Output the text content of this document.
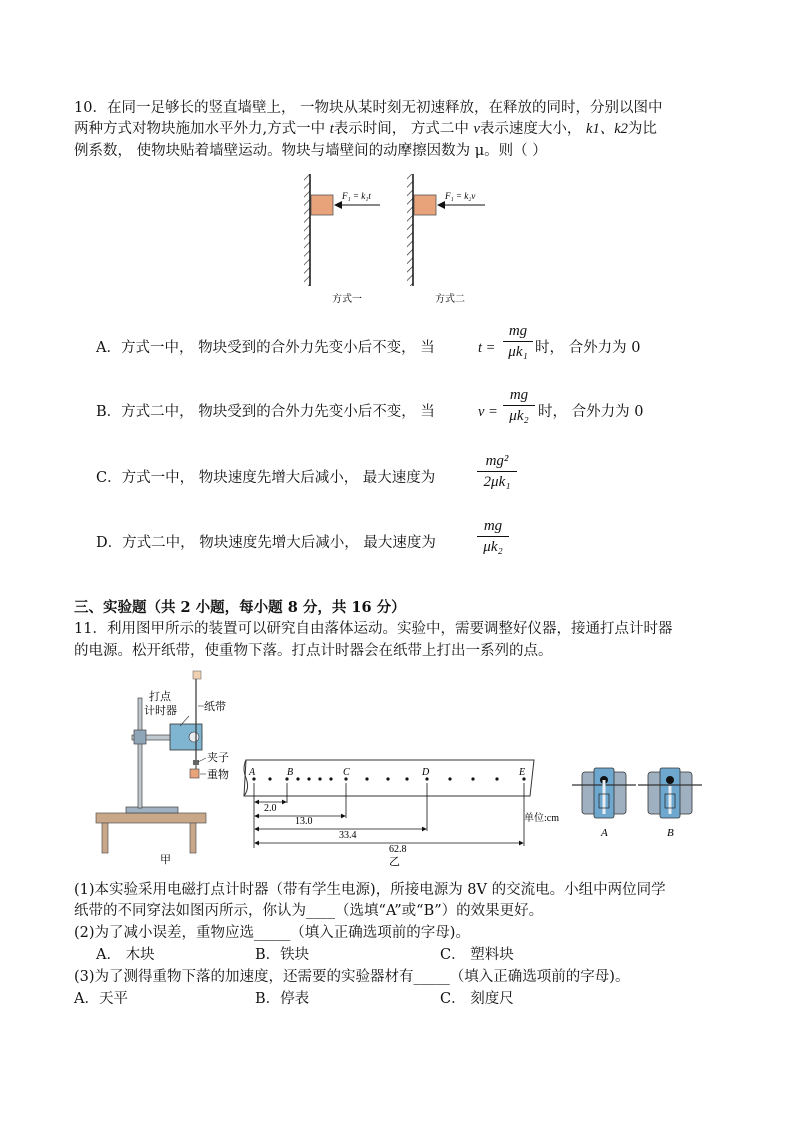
10．在同一足够长的竖直墙壁上， 一物块从某时刻无初速释放，在释放的同时，分别以图中
两种方式对物块施加水平外力,方式一中 t表示时间， 方式二中 v表示速度大小， k1、k2为比
例系数， 使物块贴着墙壁运动。物块与墙壁间的动摩擦因数为 μ。则（ ）
F₁ = k₁t	F₁ = k₂v
方式一	方式二
A．方式一中， 物块受到的合外力先变小后不变， 当	t =
mg
μk₁ 时， 合外力为 0
B．方式二中， 物块受到的合外力先变小后不变， 当	v =
mg
μk₂ 时， 合外力为 0
C．方式一中， 物块速度先增大后减小， 最大速度为
mg²
2μk₁
D．方式二中， 物块速度先增大后减小， 最大速度为
mg
μk₂
三、实验题（共 2 小题，每小题 8 分，共 16 分）
11．利用图甲所示的装置可以研究自由落体运动。实验中，需要调整好仪器，接通打点计时器
的电源。松开纸带，使重物下落。打点计时器会在纸带上打出一系列的点。
打点
计时器 纸带
夹子
重物
甲
A	B	C	D	E
2.0
13.0
33.4
62.8
单位:cm
乙
A	B
(1)本实验采用电磁打点计时器（带有学生电源)，所接电源为 8V 的交流电。小组中两位同学
纸带的不同穿法如图丙所示，你认为____（选填“A”或“B”）的效果更好。
(2)为了减小误差，重物应选_____（填入正确选项前的字母)。
A． 木块	B．铁块	C． 塑料块
(3)为了测得重物下落的加速度，还需要的实验器材有_____（填入正确选项前的字母)。
A．天平	B．停表	C． 刻度尺
